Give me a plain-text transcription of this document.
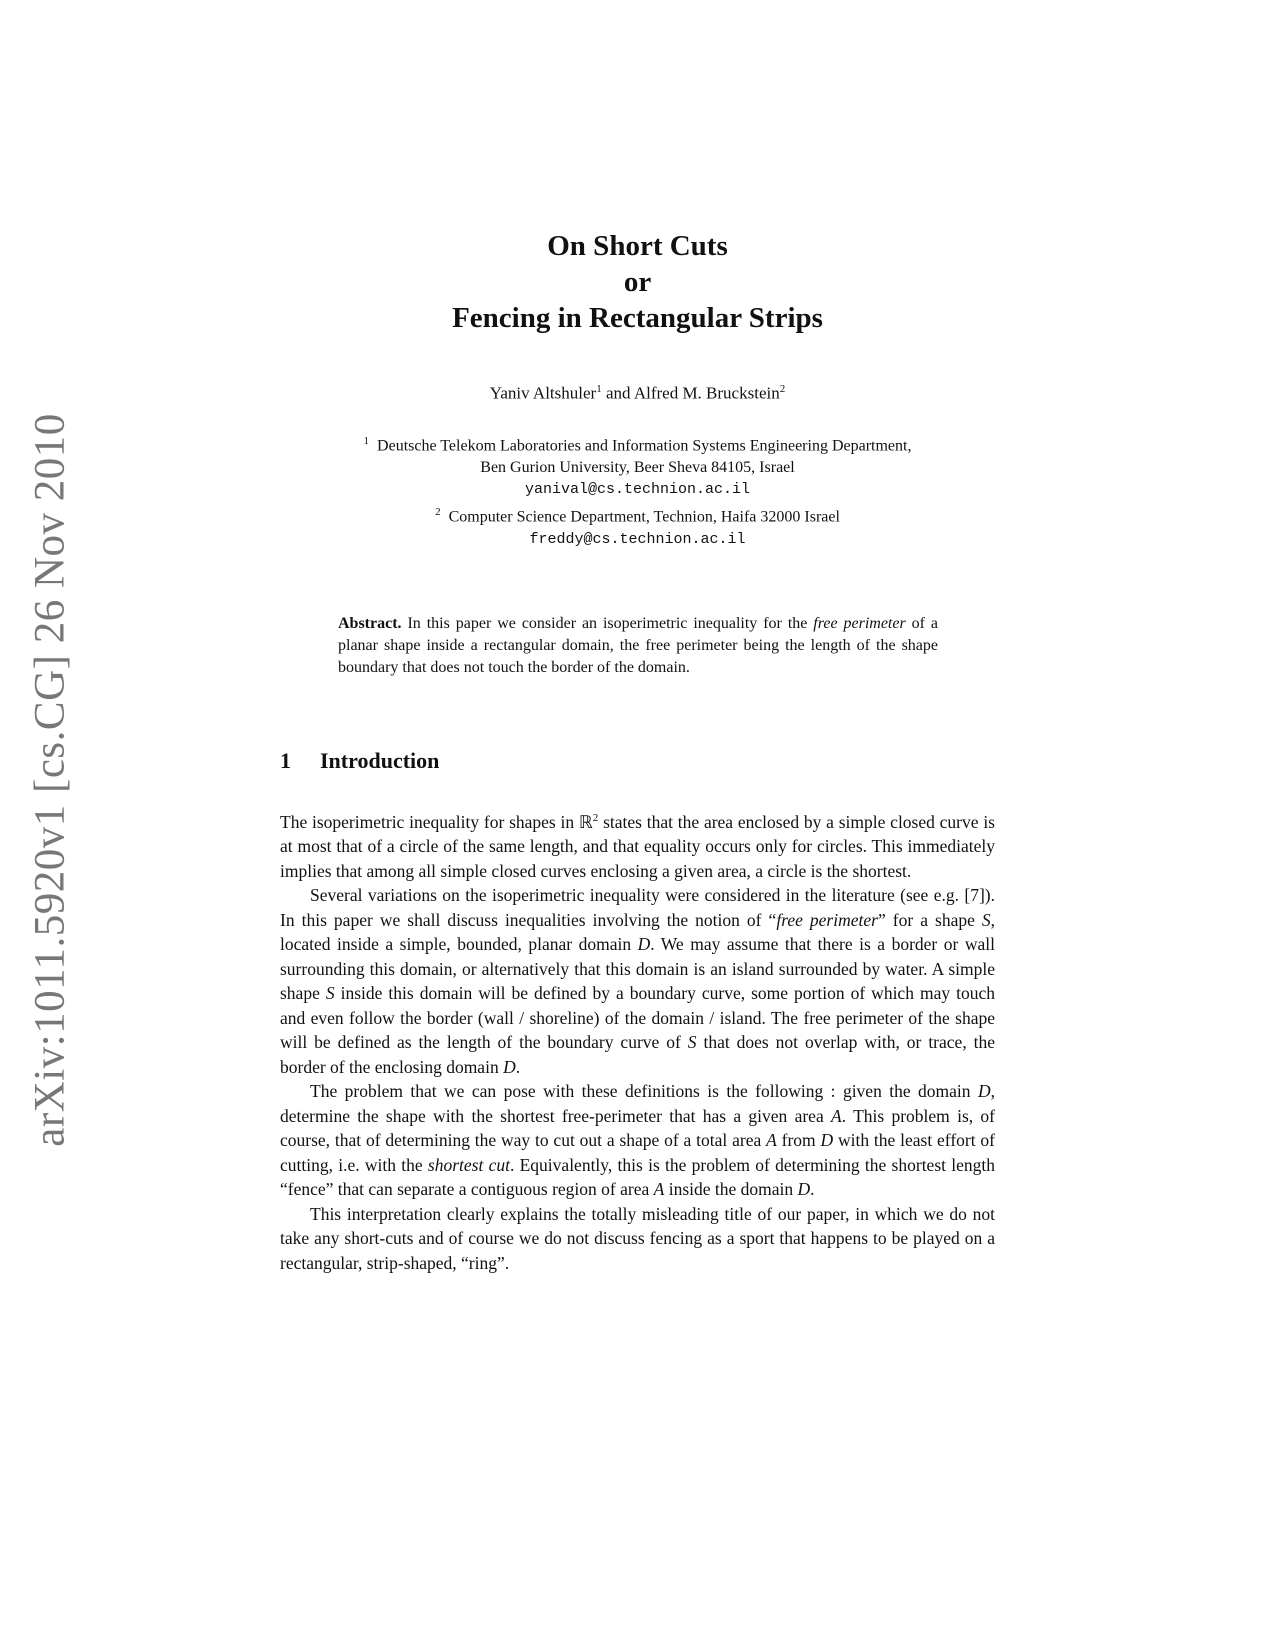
arXiv:1011.5920v1 [cs.CG] 26 Nov 2010
On Short Cuts
or
Fencing in Rectangular Strips
Yaniv Altshuler$^1$ and Alfred M. Bruckstein$^2$
$^1$ Deutsche Telekom Laboratories and Information Systems Engineering Department,
Ben Gurion University, Beer Sheva 84105, Israel
yanival@cs.technion.ac.il
$^2$ Computer Science Department, Technion, Haifa 32000 Israel
freddy@cs.technion.ac.il
Abstract. In this paper we consider an isoperimetric inequality for the free perimeter of a planar shape inside a rectangular domain, the free perimeter being the length of the shape boundary that does not touch the border of the domain.
1 Introduction

The isoperimetric inequality for shapes in ℝ$^2$ states that the area enclosed by a simple closed curve is at most that of a circle of the same length, and that equality occurs only for circles. This immediately implies that among all simple closed curves enclosing a given area, a circle is the shortest.

Several variations on the isoperimetric inequality were considered in the literature (see e.g. [7]). In this paper we shall discuss inequalities involving the notion of “free perimeter” for a shape S, located inside a simple, bounded, planar domain D. We may assume that there is a border or wall surrounding this domain, or alternatively that this domain is an island surrounded by water. A simple shape S inside this domain will be defined by a boundary curve, some portion of which may touch and even follow the border (wall / shoreline) of the domain / island. The free perimeter of the shape will be defined as the length of the boundary curve of S that does not overlap with, or trace, the border of the enclosing domain D.

The problem that we can pose with these definitions is the following : given the domain D, determine the shape with the shortest free-perimeter that has a given area A. This problem is, of course, that of determining the way to cut out a shape of a total area A from D with the least effort of cutting, i.e. with the shortest cut. Equivalently, this is the problem of determining the shortest length “fence” that can separate a contiguous region of area A inside the domain D.

This interpretation clearly explains the totally misleading title of our paper, in which we do not take any short-cuts and of course we do not discuss fencing as a sport that happens to be played on a rectangular, strip-shaped, “ring”.
